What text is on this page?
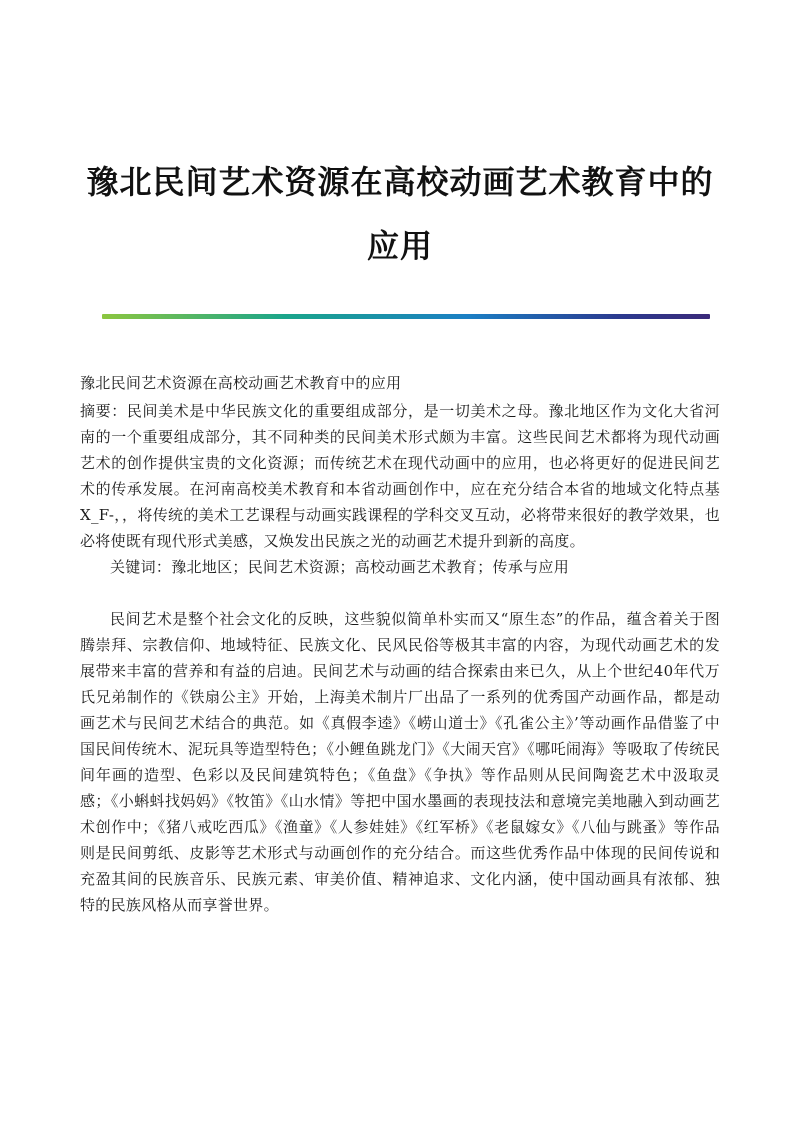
豫北民间艺术资源在高校动画艺术教育中的
应用

豫北民间艺术资源在高校动画艺术教育中的应用

摘要：民间美术是中华民族文化的重要组成部分，是一切美术之母。豫北地区作为文化大省河南的一个重要组成部分，其不同种类的民间美术形式颇为丰富。这些民间艺术都将为现代动画艺术的创作提供宝贵的文化资源；而传统艺术在现代动画中的应用，也必将更好的促进民间艺术的传承发展。在河南高校美术教育和本省动画创作中，应在充分结合本省的地域文化特点基X_F-，，将传统的美术工艺课程与动画实践课程的学科交叉互动，必将带来很好的教学效果，也必将使既有现代形式美感，又焕发出民族之光的动画艺术提升到新的高度。

关键词：豫北地区；民间艺术资源；高校动画艺术教育；传承与应用

民间艺术是整个社会文化的反映，这些貌似简单朴实而又“原生态”的作品，蕴含着关于图腾崇拜、宗教信仰、地域特征、民族文化、民风民俗等极其丰富的内容，为现代动画艺术的发展带来丰富的营养和有益的启迪。民间艺术与动画的结合探索由来已久，从上个世纪40年代万氏兄弟制作的《铁扇公主》开始，上海美术制片厂出品了一系列的优秀国产动画作品，都是动画艺术与民间艺术结合的典范。如《真假李逵》《崂山道士》《孔雀公主》’等动画作品借鉴了中国民间传统木、泥玩具等造型特色；《小鲤鱼跳龙门》《大闹天宫》《哪吒闹海》等吸取了传统民间年画的造型、色彩以及民间建筑特色；《鱼盘》《争执》等作品则从民间陶瓷艺术中汲取灵感；《小蝌蚪找妈妈》《牧笛》《山水情》等把中国水墨画的表现技法和意境完美地融入到动画艺术创作中；《猪八戒吃西瓜》《渔童》《人参娃娃》《红军桥》《老鼠嫁女》《八仙与跳蚤》等作品则是民间剪纸、皮影等艺术形式与动画创作的充分结合。而这些优秀作品中体现的民间传说和充盈其间的民族音乐、民族元素、审美价值、精神追求、文化内涵，使中国动画具有浓郁、独特的民族风格从而享誉世界。
